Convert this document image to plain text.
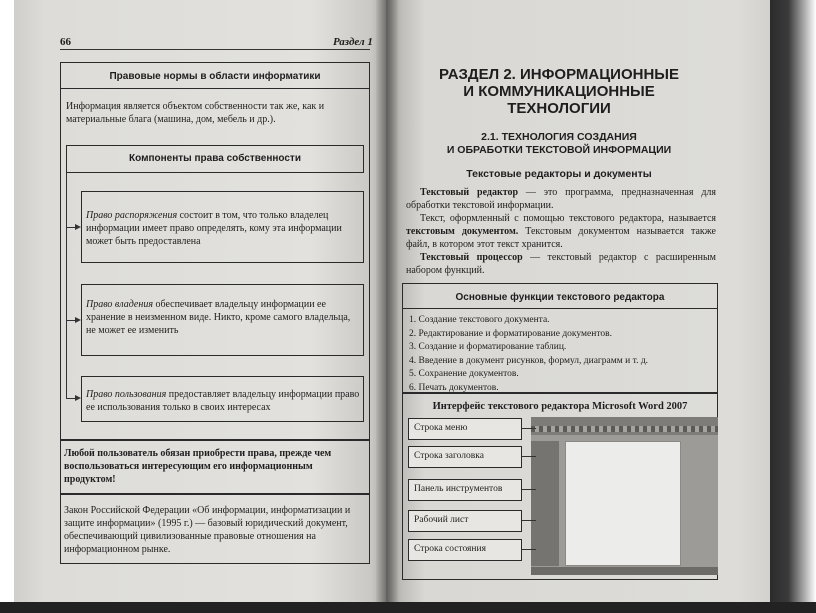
66	Раздел 1
Правовые нормы в области информатики
Информация является объектом собственности так же, как и материальные блага (машина, дом, мебель и др.).
Компоненты права собственности
Право распоряжения состоит в том, что только владелец информации имеет право определять, кому эта информации может быть предоставлена
Право владения обеспечивает владельцу информации ее хранение в неизменном виде. Никто, кроме самого владельца, не может ее изменить
Право пользования предоставляет владельцу информации право ее использования только в своих интересах
Любой пользователь обязан приобрести права, прежде чем воспользоваться интересующим его информационным продуктом!
Закон Российской Федерации «Об информации, информатизации и защите информации» (1995 г.) — базовый юридический документ, обеспечивающий цивилизованные правовые отношения на информационном рынке.
РАЗДЕЛ 2. ИНФОРМАЦИОННЫЕ
И КОММУНИКАЦИОННЫЕ
ТЕХНОЛОГИИ
2.1. ТЕХНОЛОГИЯ СОЗДАНИЯ
И ОБРАБОТКИ ТЕКСТОВОЙ ИНФОРМАЦИИ
Текстовые редакторы и документы
Текстовый редактор — это программа, предназначенная для обработки текстовой информации.
Текст, оформленный с помощью текстового редактора, называется текстовым документом. Текстовым документом называется также файл, в котором этот текст хранится.
Текстовый процессор — текстовый редактор с расширенным набором функций.
Основные функции текстового редактора
1. Создание текстового документа.
2. Редактирование и форматирование документов.
3. Создание и форматирование таблиц.
4. Введение в документ рисунков, формул, диаграмм и т. д.
5. Сохранение документов.
6. Печать документов.
Интерфейс текстового редактора Microsoft Word 2007
Строка меню
Строка заголовка
Панель инструментов
Рабочий лист
Строка состояния
